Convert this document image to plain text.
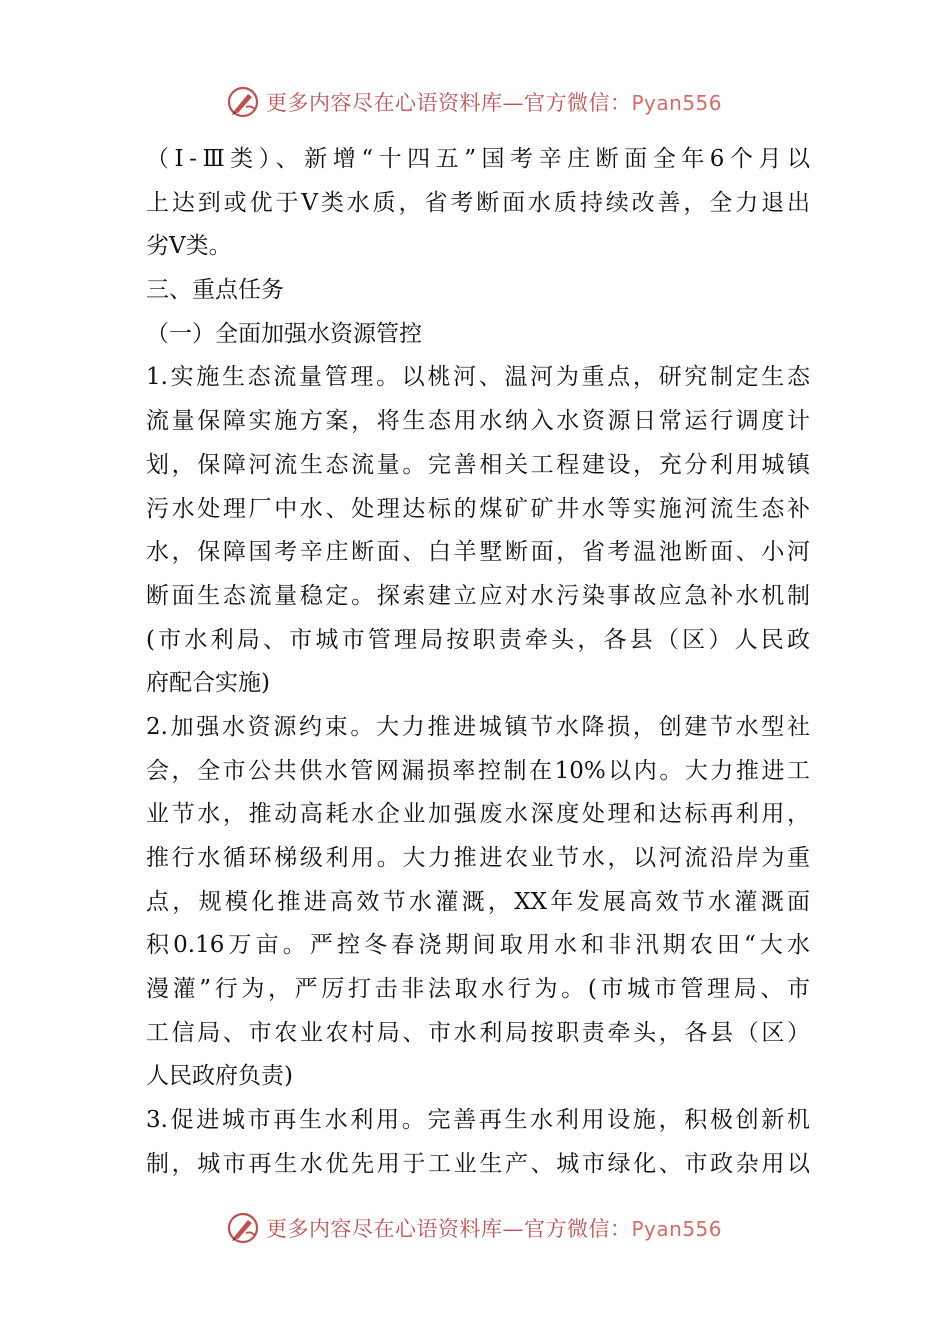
更多内容尽在心语资料库—官方微信：Pyan556
（Ⅰ-Ⅲ类）、新增“十四五”国考辛庄断面全年6个月以
上达到或优于Ⅴ类水质，省考断面水质持续改善，全力退出
劣Ⅴ类。
三、重点任务
（一）全面加强水资源管控
1.实施生态流量管理。以桃河、温河为重点，研究制定生态
流量保障实施方案，将生态用水纳入水资源日常运行调度计
划，保障河流生态流量。完善相关工程建设，充分利用城镇
污水处理厂中水、处理达标的煤矿矿井水等实施河流生态补
水，保障国考辛庄断面、白羊墅断面，省考温池断面、小河
断面生态流量稳定。探索建立应对水污染事故应急补水机制
(市水利局、市城市管理局按职责牵头，各县（区）人民政
府配合实施)
2.加强水资源约束。大力推进城镇节水降损，创建节水型社
会，全市公共供水管网漏损率控制在10%以内。大力推进工
业节水，推动高耗水企业加强废水深度处理和达标再利用，
推行水循环梯级利用。大力推进农业节水，以河流沿岸为重
点，规模化推进高效节水灌溉，XX年发展高效节水灌溉面
积0.16万亩。严控冬春浇期间取用水和非汛期农田“大水
漫灌”行为，严厉打击非法取水行为。(市城市管理局、市
工信局、市农业农村局、市水利局按职责牵头，各县（区）
人民政府负责)
3.促进城市再生水利用。完善再生水利用设施，积极创新机
制，城市再生水优先用于工业生产、城市绿化、市政杂用以
更多内容尽在心语资料库—官方微信：Pyan556
